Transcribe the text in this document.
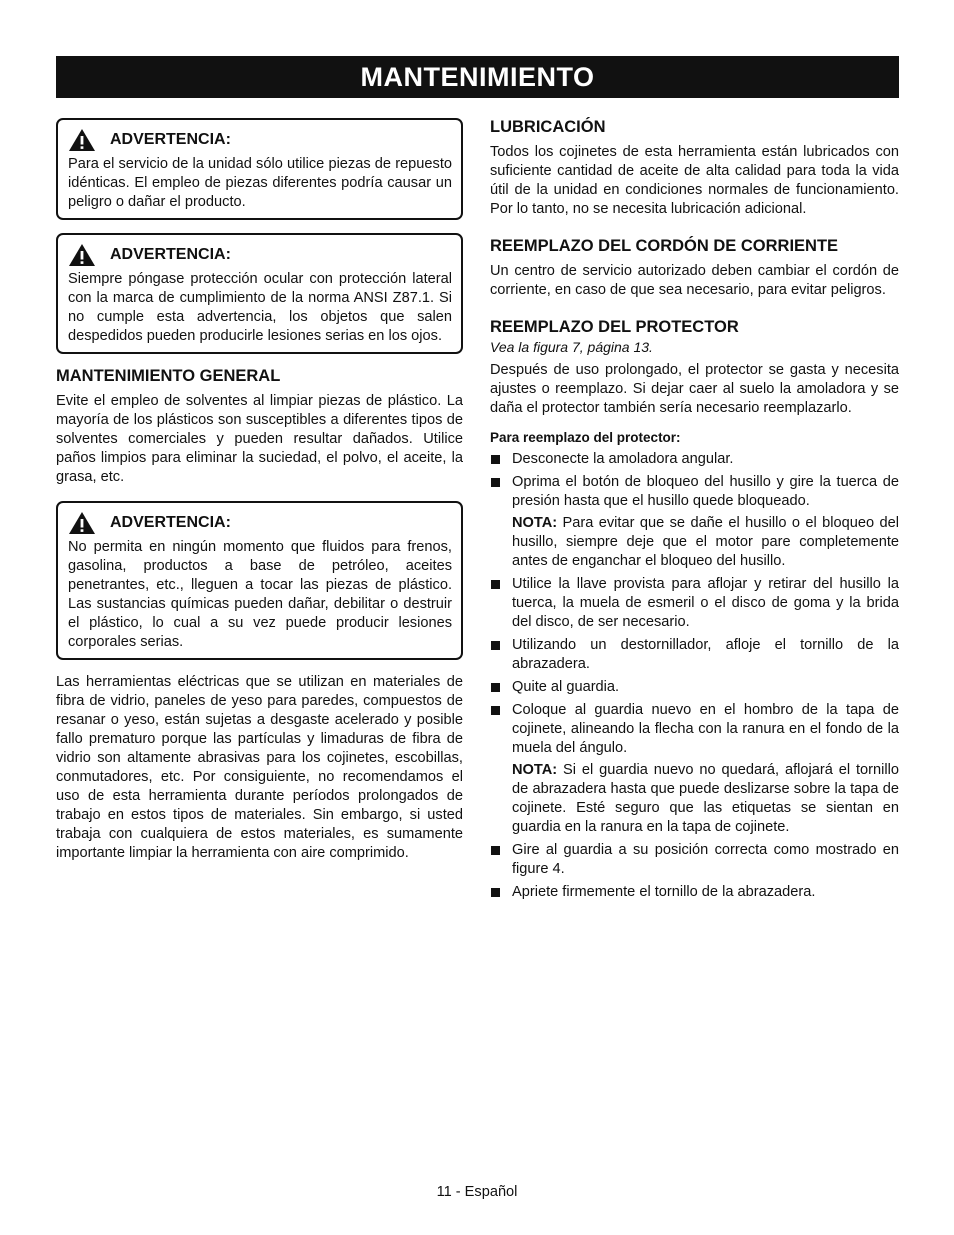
MANTENIMIENTO
ADVERTENCIA:
Para el servicio de la unidad sólo utilice piezas de repuesto idénticas. El empleo de piezas diferentes podría causar un peligro o dañar el producto.
ADVERTENCIA:
Siempre póngase protección ocular con protección lateral con la marca de cumplimiento de la norma ANSI Z87.1. Si no cumple esta advertencia, los objetos que salen despedidos pueden producirle lesiones serias en los ojos.
MANTENIMIENTO GENERAL

Evite el empleo de solventes al limpiar piezas de plástico. La mayoría de los plásticos son susceptibles a diferentes tipos de solventes comerciales y pueden resultar dañados. Utilice paños limpios para eliminar la suciedad, el polvo, el aceite, la grasa, etc.

ADVERTENCIA:
No permita en ningún momento que fluidos para frenos, gasolina, productos a base de petróleo, aceites penetrantes, etc., lleguen a tocar las piezas de plástico. Las sustancias químicas pueden dañar, debilitar o destruir el plástico, lo cual a su vez puede producir lesiones corporales serias.

Las herramientas eléctricas que se utilizan en materiales de fibra de vidrio, paneles de yeso para paredes, compuestos de resanar o yeso, están sujetas a desgaste acelerado y posible fallo prematuro porque las partículas y limaduras de fibra de vidrio son altamente abrasivas para los cojinetes, escobillas, conmutadores, etc. Por consiguiente, no recomendamos el uso de esta herramienta durante períodos prolongados de trabajo en estos tipos de materiales. Sin embargo, si usted trabaja con cualquiera de estos materiales, es sumamente importante limpiar la herramienta con aire comprimido.

LUBRICACIÓN

Todos los cojinetes de esta herramienta están lubricados con suficiente cantidad de aceite de alta calidad para toda la vida útil de la unidad en condiciones normales de funcionamiento. Por lo tanto, no se necesita lubricación adicional.

REEMPLAZO DEL CORDÓN DE CORRIENTE

Un centro de servicio autorizado deben cambiar el cordón de corriente, en caso de que sea necesario, para evitar peligros.

REEMPLAZO DEL PROTECTOR
Vea la figura 7, página 13.

Después de uso prolongado, el protector se gasta y necesita ajustes o reemplazo. Si dejar caer al suelo la amoladora y se daña el protector también sería necesario reemplazarlo.

Para reemplazo del protector:
Desconecte la amoladora angular.
Oprima el botón de bloqueo del husillo y gire la tuerca de presión hasta que el husillo quede bloqueado.
NOTA: Para evitar que se dañe el husillo o el bloqueo del husillo, siempre deje que el motor pare completemente antes de enganchar el bloqueo del husillo.
Utilice la llave provista para aflojar y retirar del husillo la tuerca, la muela de esmeril o el disco de goma y la brida del disco, de ser necesario.
Utilizando un destornillador, afloje el tornillo de la abrazadera.
Quite al guardia.
Coloque al guardia nuevo en el hombro de la tapa de cojinete, alineando la flecha con la ranura en el fondo de la muela del ángulo.
NOTA: Si el guardia nuevo no quedará, aflojará el tornillo de abrazadera hasta que puede deslizarse sobre la tapa de cojinete. Esté seguro que las etiquetas se sientan en guardia en la ranura en la tapa de cojinete.
Gire al guardia a su posición correcta como mostrado en figure 4.
Apriete firmemente el tornillo de la abrazadera.
11 - Español
